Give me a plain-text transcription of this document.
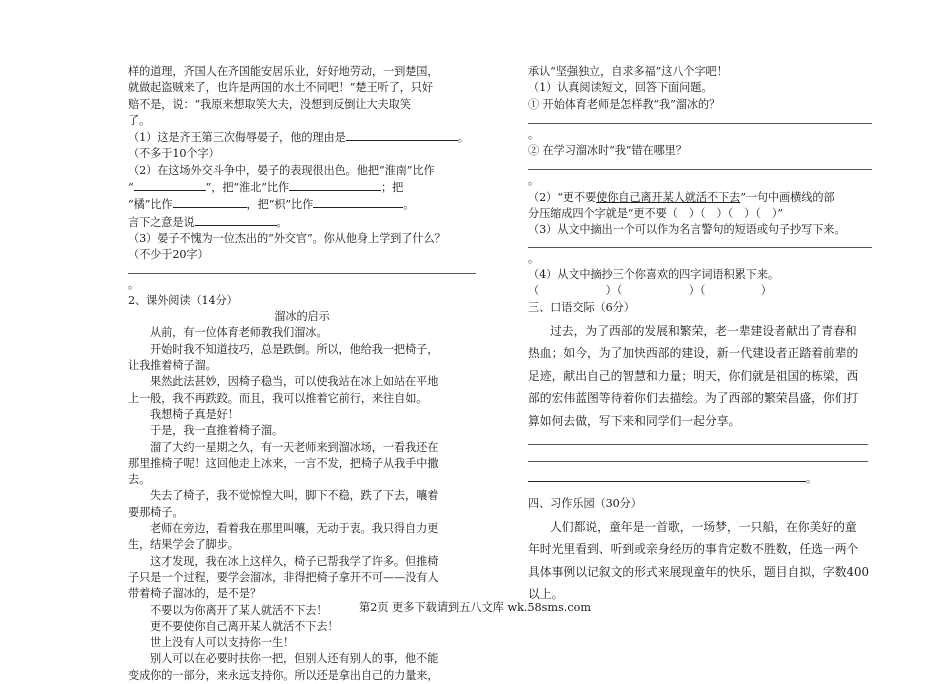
样的道理，齐国人在齐国能安居乐业，好好地劳动，一到楚国，
就做起盗贼来了，也许是两国的水土不同吧！”楚王听了，只好
赔不是，说：“我原来想取笑大夫，没想到反倒让大夫取笑
了。
（1）这是齐王第三次侮辱晏子，他的理由是	。
（不多于10个字）
（2）在这场外交斗争中，晏子的表现很出色。他把“淮南”比作
“	”，把“淮北”比作	；把
“橘”比作	，把“枳”比作	。
言下之意是说	。
（3）晏子不愧为一位杰出的“外交官”。你从他身上学到了什么？
（不少于20字）
。
2、课外阅读（14分）
溜冰的启示
从前，有一位体育老师教我们溜冰。
开始时我不知道技巧，总是跌倒。所以，他给我一把椅子，
让我推着椅子溜。
果然此法甚妙，因椅子稳当，可以使我站在冰上如站在平地
上一般，我不再跌跤。而且，我可以推着它前行，来往自如。
我想椅子真是好！
于是，我一直推着椅子溜。
溜了大约一星期之久，有一天老师来到溜冰场，一看我还在
那里推椅子呢！这回他走上冰来，一言不发，把椅子从我手中撒
去。
失去了椅子，我不觉惊惶大叫，脚下不稳，跌了下去，嚷着
要那椅子。
老师在旁边，看着我在那里叫嚷，无动于衷。我只得自力更
生，结果学会了脚步。
这才发现，我在冰上这样久，椅子已帮我学了许多。但推椅
子只是一个过程，要学会溜冰，非得把椅子拿开不可——没有人
带着椅子溜冰的，是不是？
不要以为你离开了某人就活不下去！
更不要使你自己离开某人就活不下去！
世上没有人可以支持你一生！
别人可以在必要时扶你一把，但别人还有别人的事，他不能
变成你的一部分，来永远支持你。所以还是拿出自己的力量来，
承认“坚强独立，自求多福”这八个字吧！
（1）认真阅读短文，回答下面问题。
① 开始体育老师是怎样教“我”溜冰的？
。
② 在学习溜冰时“我”错在哪里？
。
（2）“更不要使你自己离开某人就活不下去”一句中画横线的部
分压缩成四个字就是“更不要（　）（　）（　）（　）”
（3）从文中摘出一个可以作为名言警句的短语或句子抄写下来。
。
（4）从文中摘抄三个你喜欢的四字词语积累下来。
（　　　　　　）（　　　　　　）（　　　　　）
三、口语交际（6分）
过去，为了西部的发展和繁荣，老一辈建设者献出了青春和
热血；如今，为了加快西部的建设，新一代建设者正踏着前辈的
足迹，献出自己的智慧和力量；明天，你们就是祖国的栋梁，西
部的宏伟蓝图等待着你们去描绘。为了西部的繁荣昌盛，你们打
算如何去做，写下来和同学们一起分享。
。
四、习作乐园（30分）
人们都说，童年是一首歌，一场梦，一只船，在你美好的童
年时光里看到、听到或亲身经历的事肯定数不胜数，任选一两个
具体事例以记叙文的形式来展现童年的快乐，题目自拟，字数400
以上。
第2页 更多下载请到五八文库 wk.58sms.com
